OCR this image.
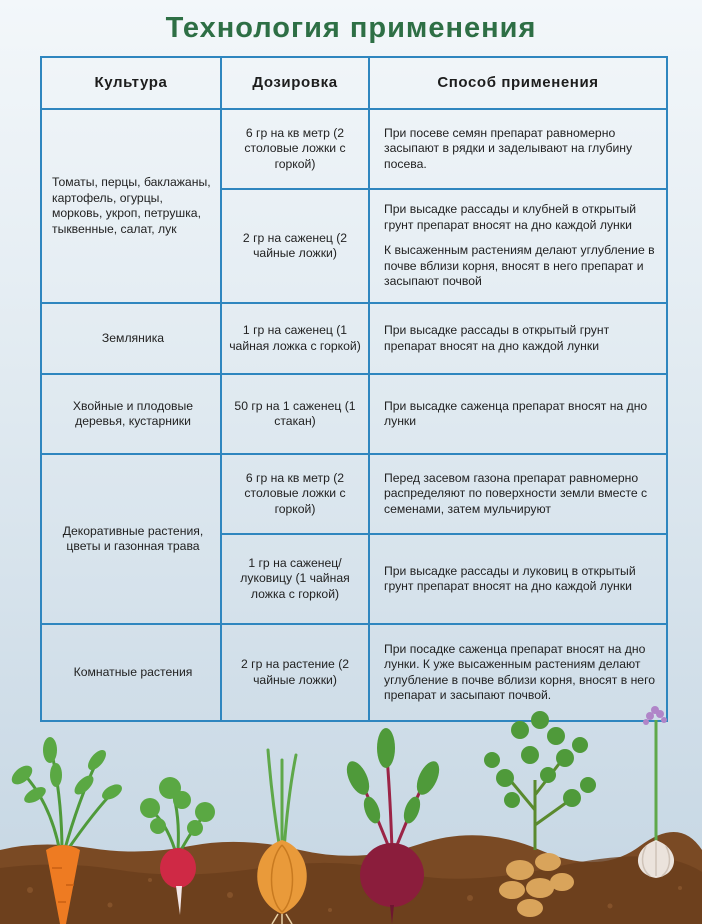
Технология применения
Культура	Дозировка	Способ применения
Томаты, перцы, баклажаны, картофель, огурцы, морковь, укроп, петрушка, тыквенные, салат, лук	6 гр на кв метр (2 столовые ложки с горкой)	При посеве семян препарат равномерно засыпают в рядки и заделывают на глубину посева.

	2 гр на саженец (2 чайные ложки)	При высадке рассады и клубней в открытый грунт препарат вносят на дно каждой лунки
К высаженным растениям делают углубление в почве вблизи корня, вносят в него препарат и засыпают почвой

Земляника	1 гр на саженец (1 чайная ложка с горкой)	При высадке рассады в открытый грунт препарат вносят на дно каждой лунки

Хвойные и плодовые деревья, кустарники	50 гр на 1 саженец (1 стакан)	При высадке саженца препарат вносят на дно лунки

Декоративные растения, цветы и газонная трава	6 гр на кв метр (2 столовые ложки с горкой)	Перед засевом газона препарат равномерно распределяют по поверхности земли вместе с семенами, затем мульчируют

	1 гр на саженец/луковицу (1 чайная ложка с горкой)	При высадке рассады и луковиц в открытый грунт препарат вносят на дно каждой лунки

Комнатные растения	2 гр на растение (2 чайные ложки)	При посадке саженца препарат вносят на дно лунки. К уже высаженным растениям делают углубление в почве вблизи корня, вносят в него препарат и засыпают почвой.
